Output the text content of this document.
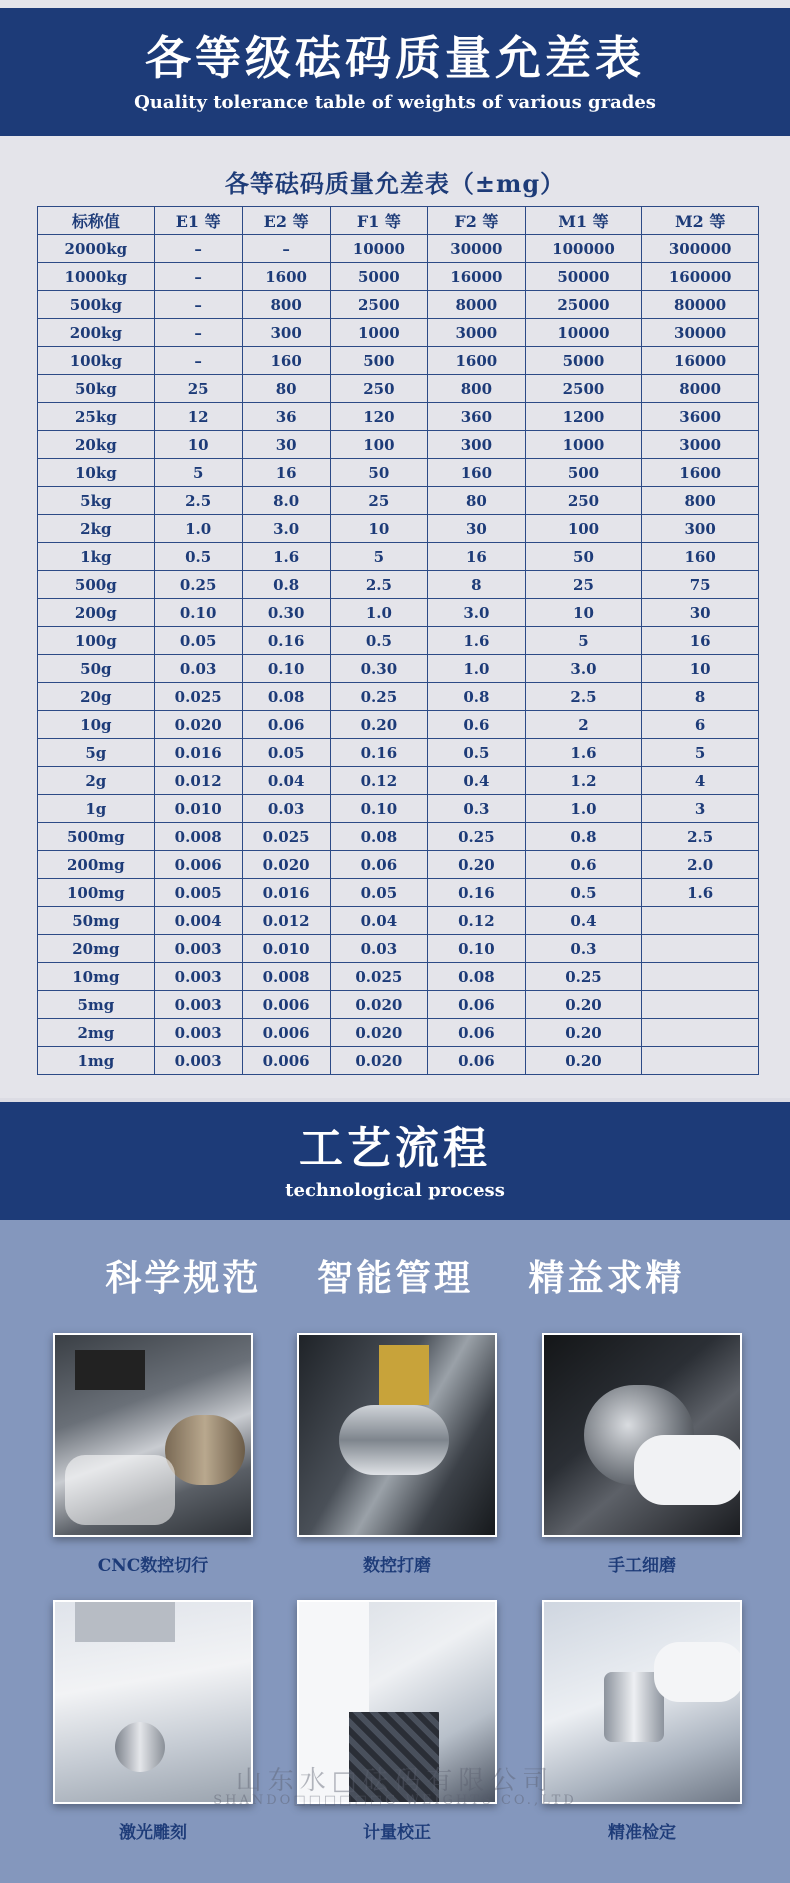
各等级砝码质量允差表
Quality tolerance table of weights of various grades
各等砝码质量允差表（±mg）
标称值	E1 等	E2 等	F1 等	F2 等	M1 等	M2 等
2000kg	–	–	10000	30000	100000	300000
1000kg	–	1600	5000	16000	50000	160000
500kg	–	800	2500	8000	25000	80000
200kg	–	300	1000	3000	10000	30000
100kg	–	160	500	1600	5000	16000
50kg	25	80	250	800	2500	8000
25kg	12	36	120	360	1200	3600
20kg	10	30	100	300	1000	3000
10kg	5	16	50	160	500	1600
5kg	2.5	8.0	25	80	250	800
2kg	1.0	3.0	10	30	100	300
1kg	0.5	1.6	5	16	50	160
500g	0.25	0.8	2.5	8	25	75
200g	0.10	0.30	1.0	3.0	10	30
100g	0.05	0.16	0.5	1.6	5	16
50g	0.03	0.10	0.30	1.0	3.0	10
20g	0.025	0.08	0.25	0.8	2.5	8
10g	0.020	0.06	0.20	0.6	2	6
5g	0.016	0.05	0.16	0.5	1.6	5
2g	0.012	0.04	0.12	0.4	1.2	4
1g	0.010	0.03	0.10	0.3	1.0	3
500mg	0.008	0.025	0.08	0.25	0.8	2.5
200mg	0.006	0.020	0.06	0.20	0.6	2.0
100mg	0.005	0.016	0.05	0.16	0.5	1.6
50mg	0.004	0.012	0.04	0.12	0.4	
20mg	0.003	0.010	0.03	0.10	0.3	
10mg	0.003	0.008	0.025	0.08	0.25	
5mg	0.003	0.006	0.020	0.06	0.20	
2mg	0.003	0.006	0.020	0.06	0.20	
1mg	0.003	0.006	0.020	0.06	0.20	
工艺流程
technological process
科学规范 智能管理 精益求精
CNC数控切行	数控打磨	手工细磨
激光雕刻	计量校正	精准检定
山东水□砝码有限公司
SHANDO□□□□□□G WEIGHTS CO.,LTD
